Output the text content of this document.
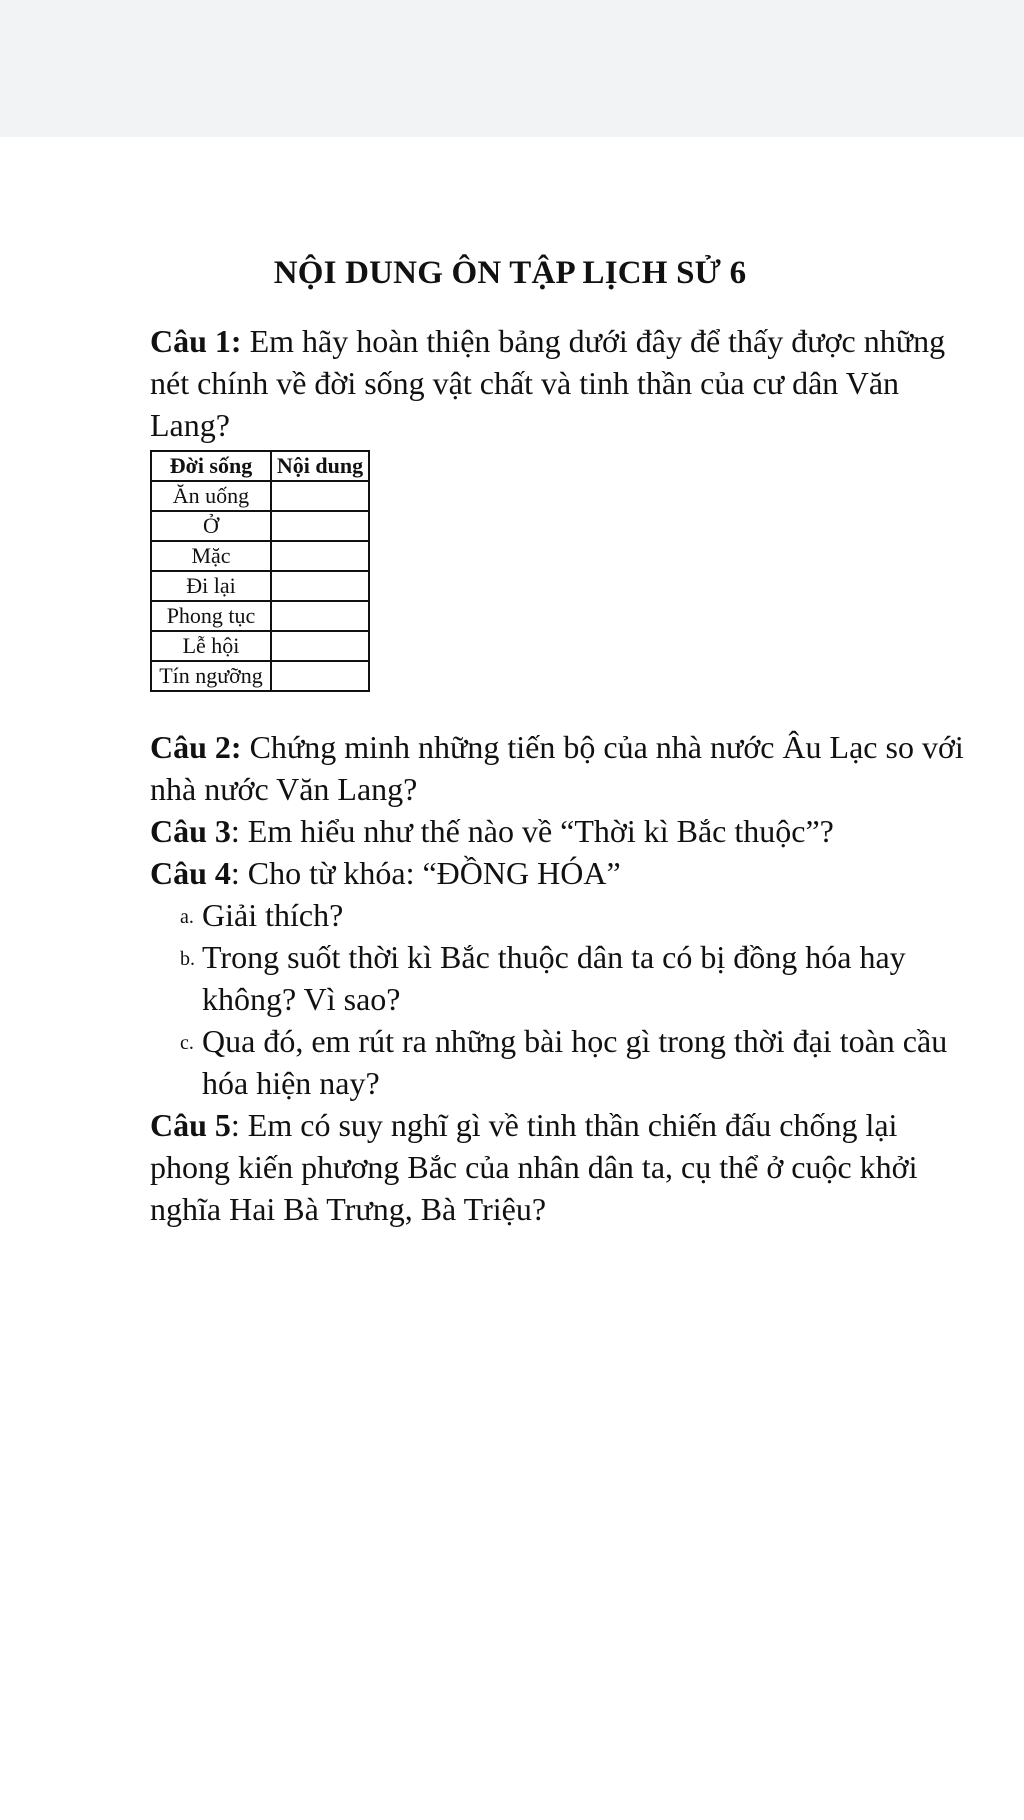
NỘI DUNG ÔN TẬP LỊCH SỬ 6

Câu 1: Em hãy hoàn thiện bảng dưới đây để thấy được những nét chính về đời sống vật chất và tinh thần của cư dân Văn Lang?

Đời sống	Nội dung
Ăn uống	
Ở	
Mặc	
Đi lại	
Phong tục	
Lễ hội	
Tín ngưỡng	

Câu 2: Chứng minh những tiến bộ của nhà nước Âu Lạc so với nhà nước Văn Lang?

Câu 3: Em hiểu như thế nào về “Thời kì Bắc thuộc”?

Câu 4: Cho từ khóa: “ĐỒNG HÓA”

a. Giải thích?
b. Trong suốt thời kì Bắc thuộc dân ta có bị đồng hóa hay không? Vì sao?
c. Qua đó, em rút ra những bài học gì trong thời đại toàn cầu hóa hiện nay?

Câu 5: Em có suy nghĩ gì về tinh thần chiến đấu chống lại phong kiến phương Bắc của nhân dân ta, cụ thể ở cuộc khởi nghĩa Hai Bà Trưng, Bà Triệu?
